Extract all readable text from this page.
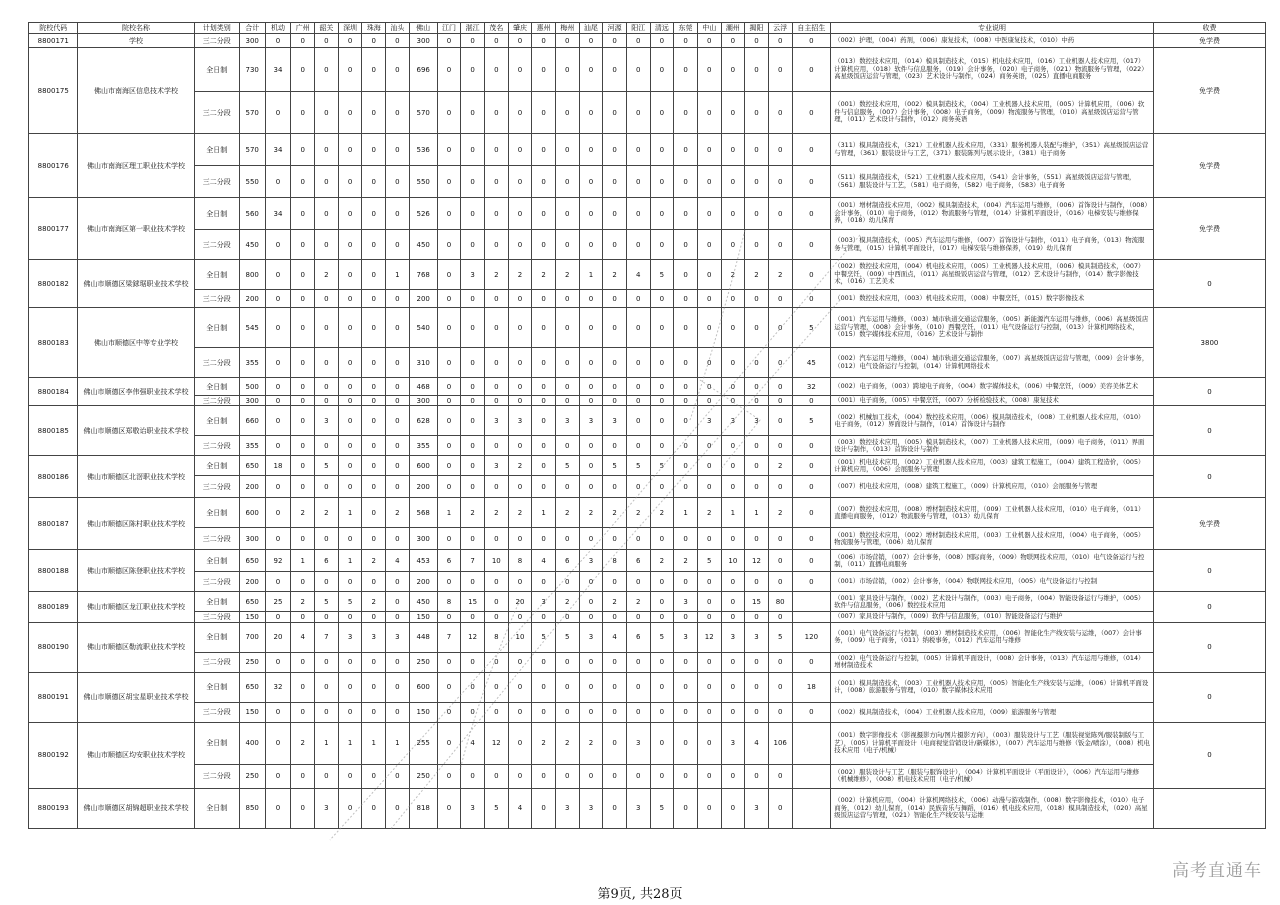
院校代码	院校名称	计划类别	合计	机动	广州	韶关	深圳	珠海	汕头	佛山	江门	湛江	茂名	肇庆	惠州	梅州	汕尾	河源	阳江	清远	东莞	中山	潮州	揭阳	云浮	自主招生	专业说明	收费
8800171	学校	三二分段	300	0	0	0	0	0	0	300	0	0	0	0	0	0	0	0	0	0	0	0	0	0	0	0	（002）护理，（004）药剂，（006）康复技术，（008）中医康复技术，（010）中药	免学费
8800175	佛山市南海区信息技术学校	全日制	730	34	0	0	0	0	0	696	0	0	0	0	0	0	0	0	0	0	0	0	0	0	0	0	（013）数控技术应用，（014）模具制造技术，（015）机电技术应用，（016）工业机器人技术应用，（017）计算机应用，（018）软件与信息服务，（019）会计事务，（020）电子商务，（021）物流服务与管理，（022）高星级饭店运营与管理，（023）艺术设计与制作，（024）商务英语，（025）直播电商服务	免学费
		三二分段	570	0	0	0	0	0	0	570	0	0	0	0	0	0	0	0	0	0	0	0	0	0	0	0	（001）数控技术应用，（002）模具制造技术，（004）工业机器人技术应用，（005）计算机应用，（006）软件与信息服务，（007）会计事务，（008）电子商务，（009）物流服务与管理，（010）高星级饭店运营与管理，（011）艺术设计与制作，（012）商务英语	
8800176	佛山市南海区理工职业技术学校	全日制	570	34	0	0	0	0	0	536	0	0	0	0	0	0	0	0	0	0	0	0	0	0	0	0	（311）模具制造技术，（321）工业机器人技术应用，（331）服务机器人装配与维护，（351）高星级饭店运营与管理，（361）服装设计与工艺，（371）服装陈列与展示设计，（381）电子商务	免学费
		三二分段	550	0	0	0	0	0	0	550	0	0	0	0	0	0	0	0	0	0	0	0	0	0	0	0	（511）模具制造技术，（521）工业机器人技术应用，（541）会计事务，（551）高星级饭店运营与管理，（561）服装设计与工艺，（581）电子商务，（582）电子商务，（583）电子商务	
8800177	佛山市南海区第一职业技术学校	全日制	560	34	0	0	0	0	0	526	0	0	0	0	0	0	0	0	0	0	0	0	0	0	0	0	（001）增材制造技术应用，（002）模具制造技术，（004）汽车运用与维修，（006）首饰设计与制作，（008）会计事务，（010）电子商务，（012）物流服务与管理，（014）计算机平面设计，（016）电梯安装与维修保养，（018）幼儿保育	免学费
		三二分段	450	0	0	0	0	0	0	450	0	0	0	0	0	0	0	0	0	0	0	0	0	0	0	0	（003）模具制造技术，（005）汽车运用与维修，（007）首饰设计与制作，（011）电子商务，（013）物流服务与管理，（015）计算机平面设计，（017）电梯安装与维修保养，（019）幼儿保育	
8800182	佛山市顺德区梁銶琚职业技术学校	全日制	800	0	0	2	0	0	1	768	0	3	2	2	2	2	1	2	4	5	0	0	2	2	2	0	（002）数控技术应用，（004）机电技术应用，（005）工业机器人技术应用，（006）模具制造技术，（007）中餐烹饪，（009）中西面点，（011）高星级饭店运营与管理，（012）艺术设计与制作，（014）数字影像技术，（016）工艺美术	0
		三二分段	200	0	0	0	0	0	0	200	0	0	0	0	0	0	0	0	0	0	0	0	0	0	0	0	（001）数控技术应用，（003）机电技术应用，（008）中餐烹饪，（015）数字影像技术	
8800183	佛山市顺德区中等专业学校	全日制	545	0	0	0	0	0	0	540	0	0	0	0	0	0	0	0	0	0	0	0	0	0	0	5	（001）汽车运用与维修，（003）城市轨道交通运营服务，（005）新能源汽车运用与维修，（006）高星级饭店运营与管理，（008）会计事务，（010）西餐烹饪，（011）电气设备运行与控制，（013）计算机网络技术，（015）数字媒体技术应用，（016）艺术设计与制作	3800
		三二分段	355	0	0	0	0	0	0	310	0	0	0	0	0	0	0	0	0	0	0	0	0	0	0	45	（002）汽车运用与维修，（004）城市轨道交通运营服务，（007）高星级饭店运营与管理，（009）会计事务，（012）电气设备运行与控制，（014）计算机网络技术	
8800184	佛山市顺德区李伟强职业技术学校	全日制	500	0	0	0	0	0	0	468	0	0	0	0	0	0	0	0	0	0	0	0	0	0	0	32	（002）电子商务，（003）跨境电子商务，（004）数字媒体技术，（006）中餐烹饪，（009）美容美体艺术	0
		三二分段	300	0	0	0	0	0	0	300	0	0	0	0	0	0	0	0	0	0	0	0	0	0	0	0	（001）电子商务，（005）中餐烹饪，（007）分析检验技术，（008）康复技术	
8800185	佛山市顺德区郑敬诒职业技术学校	全日制	660	0	0	3	0	0	0	628	0	0	3	3	0	3	3	3	0	0	0	3	3	3	0	5	（002）机械加工技术，（004）数控技术应用，（006）模具制造技术，（008）工业机器人技术应用，（010）电子商务，（012）界面设计与制作，（014）首饰设计与制作	0
		三二分段	355	0	0	0	0	0	0	355	0	0	0	0	0	0	0	0	0	0	0	0	0	0	0	0	（003）数控技术应用，（005）模具制造技术，（007）工业机器人技术应用，（009）电子商务，（011）界面设计与制作，（013）首饰设计与制作	
8800186	佛山市顺德区北滘职业技术学校	全日制	650	18	0	5	0	0	0	600	0	0	3	2	0	5	0	5	5	5	0	0	0	0	2	0	（001）机电技术应用，（002）工业机器人技术应用，（003）建筑工程施工，（004）建筑工程造价，（005）计算机应用，（006）会展服务与管理	0
		三二分段	200	0	0	0	0	0	0	200	0	0	0	0	0	0	0	0	0	0	0	0	0	0	0	0	（007）机电技术应用，（008）建筑工程施工，（009）计算机应用，（010）会展服务与管理	
8800187	佛山市顺德区陈村职业技术学校	全日制	600	0	2	2	1	0	2	568	1	2	2	2	1	2	2	2	2	2	1	2	1	1	2	0	（007）数控技术应用，（008）增材制造技术应用，（009）工业机器人技术应用，（010）电子商务，（011）直播电商服务，（012）物流服务与管理，（013）幼儿保育	免学费
		三二分段	300	0	0	0	0	0	0	300	0	0	0	0	0	0	0	0	0	0	0	0	0	0	0	0	（001）数控技术应用，（002）增材制造技术应用，（003）工业机器人技术应用，（004）电子商务，（005）物流服务与管理，（006）幼儿保育	
8800188	佛山市顺德区陈登职业技术学校	全日制	650	92	1	6	1	2	4	453	6	7	10	8	4	6	3	8	6	2	2	5	10	12	0	0	（006）市场营销，（007）会计事务，（008）国际商务，（009）物联网技术应用，（010）电气设备运行与控制，（011）直播电商服务	0
		三二分段	200	0	0	0	0	0	0	200	0	0	0	0	0	0	0	0	0	0	0	0	0	0	0	0	（001）市场营销，（002）会计事务，（004）物联网技术应用，（005）电气设备运行与控制	
8800189	佛山市顺德区龙江职业技术学校	全日制	650	25	2	5	5	2	0	450	8	15	0	20	3	2	0	2	2	0	3	0	0	15	80		（001）家具设计与制作，（002）艺术设计与制作，（003）电子商务，（004）智能设备运行与维护，（005）软件与信息服务，（006）数控技术应用	0
		三二分段	150	0	0	0	0	0	0	150	0	0	0	0	0	0	0	0	0	0	0	0	0	0	0		（007）家具设计与制作，（009）软件与信息服务，（010）智能设备运行与维护	
8800190	佛山市顺德区勒流职业技术学校	全日制	700	20	4	7	3	3	3	448	7	12	8	10	5	5	3	4	6	5	3	12	3	3	5	120	（001）电气设备运行与控制，（003）增材制造技术应用，（006）智能化生产线安装与运维，（007）会计事务，（009）电子商务，（011）纳税事务，（012）汽车运用与维修	0
		三二分段	250	0	0	0	0	0	0	250	0	0	0	0	0	0	0	0	0	0	0	0	0	0	0	0	（002）电气设备运行与控制，（005）计算机平面设计，（008）会计事务，（013）汽车运用与维修，（014）增材制造技术	
8800191	佛山市顺德区胡宝星职业技术学校	全日制	650	32	0	0	0	0	0	600	0	0	0	0	0	0	0	0	0	0	0	0	0	0	0	18	（001）模具制造技术，（003）工业机器人技术应用，（005）智能化生产线安装与运维，（006）计算机平面设计，（008）旅游服务与管理，（010）数字媒体技术应用	0
		三二分段	150	0	0	0	0	0	0	150	0	0	0	0	0	0	0	0	0	0	0	0	0	0	0	0	（002）模具制造技术，（004）工业机器人技术应用，（009）旅游服务与管理	
8800192	佛山市顺德区均安职业技术学校	全日制	400	0	2	1	1	1	1	255	0	4	12	0	2	2	2	0	3	0	0	0	3	4	106		（001）数字影像技术（影视摄影方向/图片摄影方向），（003）服装设计与工艺（服装视觉陈列/服装制版与工艺），（005）计算机平面设计（电商视觉营销设计/新媒体），（007）汽车运用与维修（钣金/喷涂），（008）机电技术应用（电子/机械）	0
		三二分段	250	0	0	0	0	0	0	250	0	0	0	0	0	0	0	0	0	0	0	0	0	0	0		（002）服装设计与工艺（服装与服饰设计），（004）计算机平面设计（平面设计），（006）汽车运用与维修（机械维修），（008）机电技术应用（电子/机械）	
8800193	佛山市顺德区胡锦超职业技术学校	全日制	850	0	0	3	0	0	0	818	0	3	5	4	0	3	3	0	3	5	0	0	0	3	0		（002）计算机应用，（004）计算机网络技术，（006）动漫与游戏制作，（008）数字影像技术，（010）电子商务，（012）幼儿保育，（014）民族音乐与舞蹈，（016）机电技术应用，（018）模具制造技术，（020）高星级饭店运营与管理，（021）智能化生产线安装与运维	
第9页, 共28页
高考直通车
